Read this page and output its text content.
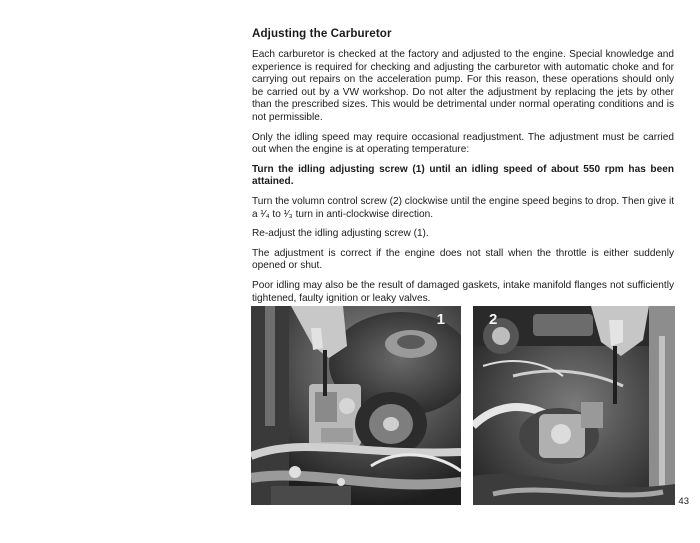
Adjusting the Carburetor

Each carburetor is checked at the factory and adjusted to the engine. Special knowledge and experience is required for checking and adjusting the carburetor with automatic choke and for carrying out repairs on the acceleration pump. For this reason, these operations should only be carried out by a VW workshop. Do not alter the adjustment by replacing the jets by other than the prescribed sizes. This would be detrimental under normal operating conditions and is not permissible.

Only the idling speed may require occasional readjustment. The adjustment must be carried out when the engine is at operating temperature:

Turn the idling adjusting screw (1) until an idling speed of about 550 rpm has been attained.

Turn the volumn control screw (2) clockwise until the engine speed begins to drop. Then give it a ¹⁄₄ to ¹⁄₃ turn in anti-clockwise direction.

Re-adjust the idling adjusting screw (1).

The adjustment is correct if the engine does not stall when the throttle is either suddenly opened or shut.

Poor idling may also be the result of damaged gaskets, intake manifold flanges not sufficiently tightened, faulty ignition or leaky valves.

1	2
43
